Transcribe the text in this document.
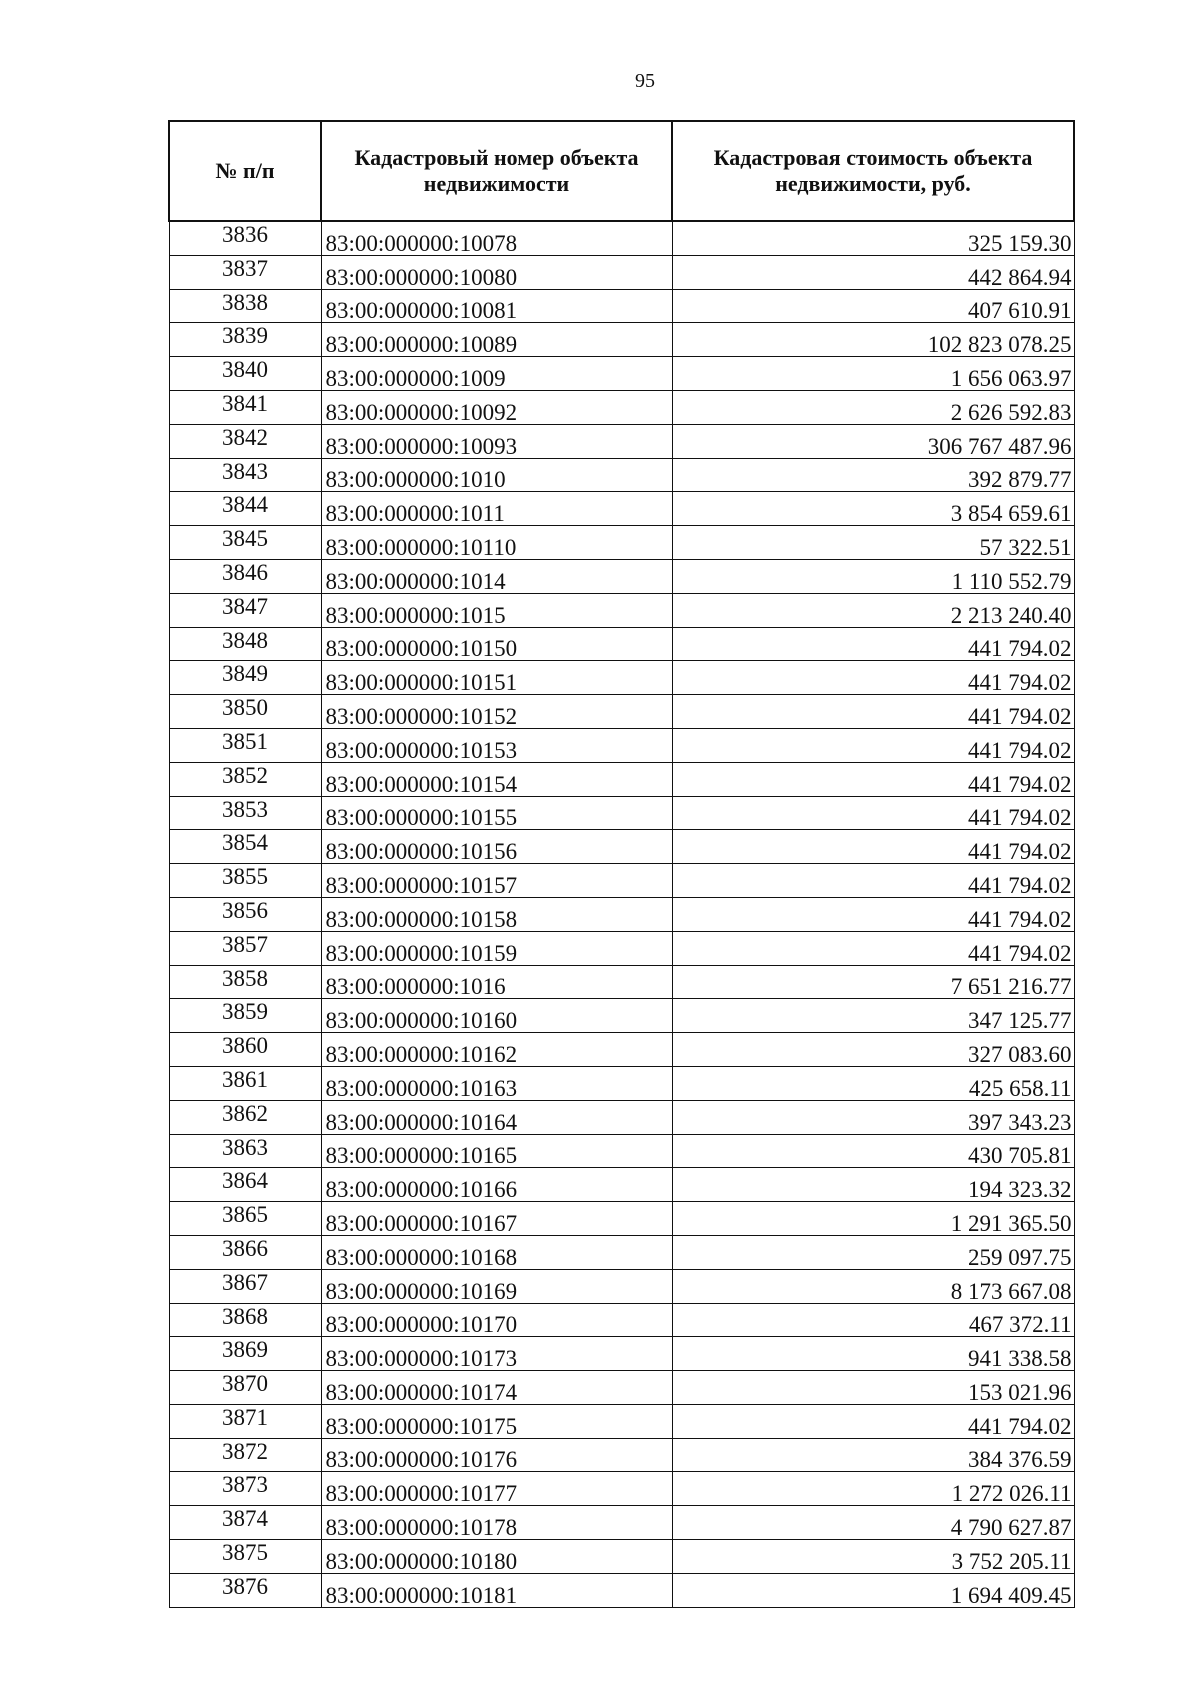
95
№ п/п	Кадастровый номер объекта недвижимости	Кадастровая стоимость объекта недвижимости, руб.
3836	83:00:000000:10078	325 159.30
3837	83:00:000000:10080	442 864.94
3838	83:00:000000:10081	407 610.91
3839	83:00:000000:10089	102 823 078.25
3840	83:00:000000:1009	1 656 063.97
3841	83:00:000000:10092	2 626 592.83
3842	83:00:000000:10093	306 767 487.96
3843	83:00:000000:1010	392 879.77
3844	83:00:000000:1011	3 854 659.61
3845	83:00:000000:10110	57 322.51
3846	83:00:000000:1014	1 110 552.79
3847	83:00:000000:1015	2 213 240.40
3848	83:00:000000:10150	441 794.02
3849	83:00:000000:10151	441 794.02
3850	83:00:000000:10152	441 794.02
3851	83:00:000000:10153	441 794.02
3852	83:00:000000:10154	441 794.02
3853	83:00:000000:10155	441 794.02
3854	83:00:000000:10156	441 794.02
3855	83:00:000000:10157	441 794.02
3856	83:00:000000:10158	441 794.02
3857	83:00:000000:10159	441 794.02
3858	83:00:000000:1016	7 651 216.77
3859	83:00:000000:10160	347 125.77
3860	83:00:000000:10162	327 083.60
3861	83:00:000000:10163	425 658.11
3862	83:00:000000:10164	397 343.23
3863	83:00:000000:10165	430 705.81
3864	83:00:000000:10166	194 323.32
3865	83:00:000000:10167	1 291 365.50
3866	83:00:000000:10168	259 097.75
3867	83:00:000000:10169	8 173 667.08
3868	83:00:000000:10170	467 372.11
3869	83:00:000000:10173	941 338.58
3870	83:00:000000:10174	153 021.96
3871	83:00:000000:10175	441 794.02
3872	83:00:000000:10176	384 376.59
3873	83:00:000000:10177	1 272 026.11
3874	83:00:000000:10178	4 790 627.87
3875	83:00:000000:10180	3 752 205.11
3876	83:00:000000:10181	1 694 409.45
